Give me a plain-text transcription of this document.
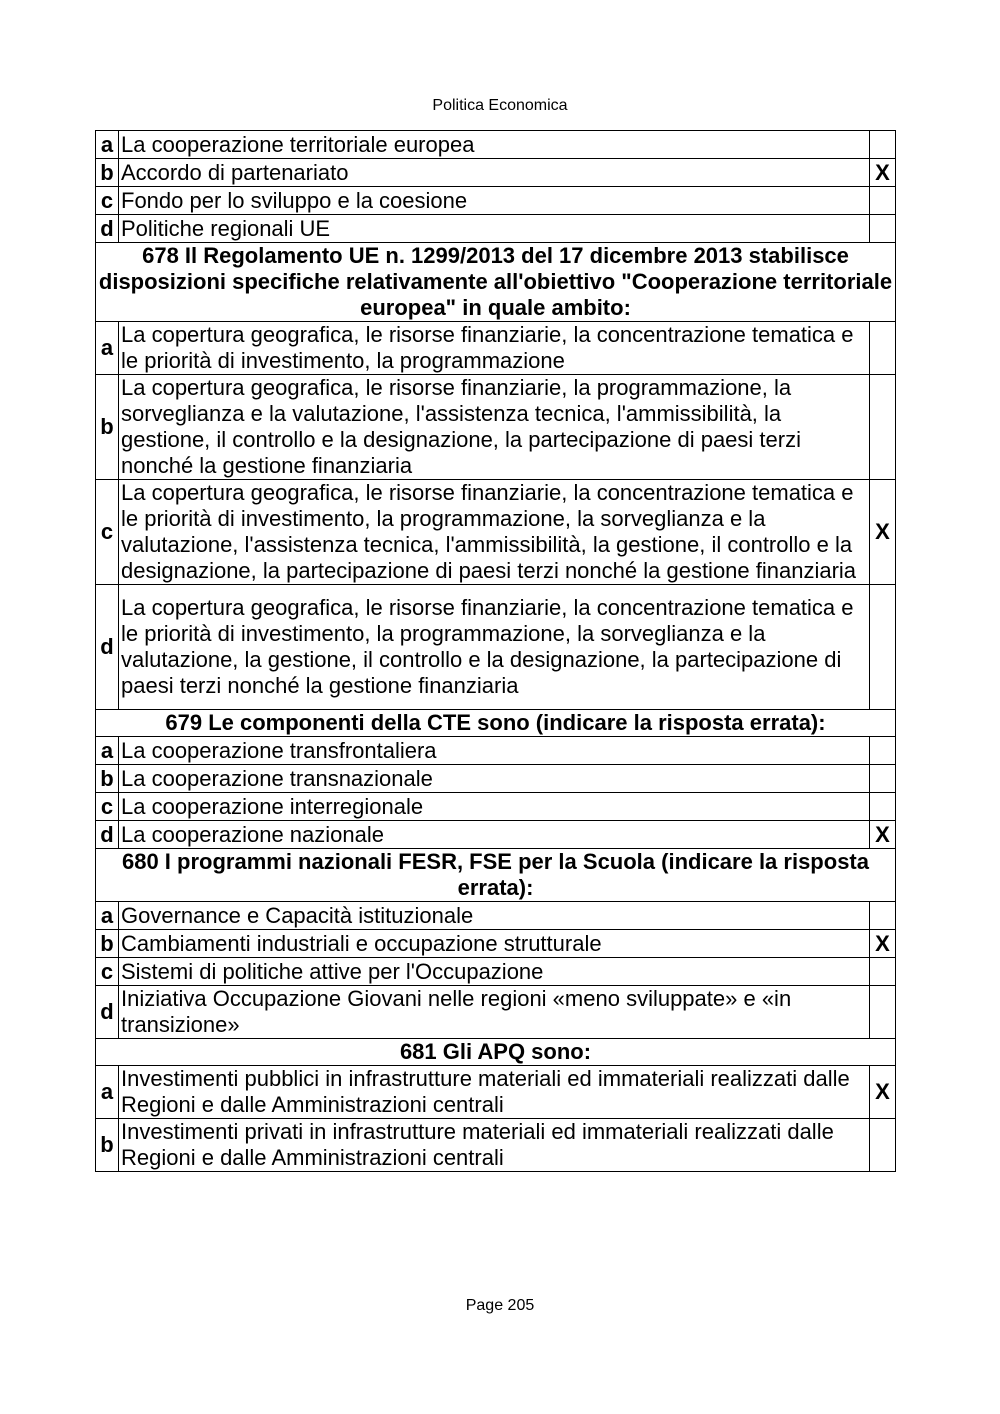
Politica Economica
a	La cooperazione territoriale europea	
b	Accordo di partenariato	X
c	Fondo per lo sviluppo e la coesione	
d	Politiche regionali UE	
678 Il Regolamento UE n. 1299/2013 del 17 dicembre 2013 stabilisce disposizioni specifiche relativamente all'obiettivo "Cooperazione territoriale europea" in quale ambito:		
a	La copertura geografica, le risorse finanziarie, la concentrazione tematica e le priorità di investimento, la programmazione	
b	La copertura geografica, le risorse finanziarie, la programmazione, la sorveglianza e la valutazione, l'assistenza tecnica, l'ammissibilità, la gestione, il controllo e la designazione, la partecipazione di paesi terzi nonché la gestione finanziaria	
c	La copertura geografica, le risorse finanziarie, la concentrazione tematica e le priorità di investimento, la programmazione, la sorveglianza e la valutazione, l'assistenza tecnica, l'ammissibilità, la gestione, il controllo e la designazione, la partecipazione di paesi terzi nonché la gestione finanziaria	X
d	La copertura geografica, le risorse finanziarie, la concentrazione tematica e le priorità di investimento, la programmazione, la sorveglianza e la valutazione, la gestione, il controllo e la designazione, la partecipazione di paesi terzi nonché la gestione finanziaria	
679 Le componenti della CTE sono (indicare la risposta errata):		
a	La cooperazione transfrontaliera	
b	La cooperazione transnazionale	
c	La cooperazione interregionale	
d	La cooperazione nazionale	X
680 I programmi nazionali FESR, FSE per la Scuola (indicare la risposta errata):		
a	Governance e Capacità istituzionale	
b	Cambiamenti industriali e occupazione strutturale	X
c	Sistemi di politiche attive per l'Occupazione	
d	Iniziativa Occupazione Giovani nelle regioni «meno sviluppate» e «in transizione»	
681 Gli APQ sono:		
a	Investimenti pubblici in infrastrutture materiali ed immateriali realizzati dalle Regioni e dalle Amministrazioni centrali	X
b	Investimenti privati in infrastrutture materiali ed immateriali realizzati dalle Regioni e dalle Amministrazioni centrali	
Page 205
